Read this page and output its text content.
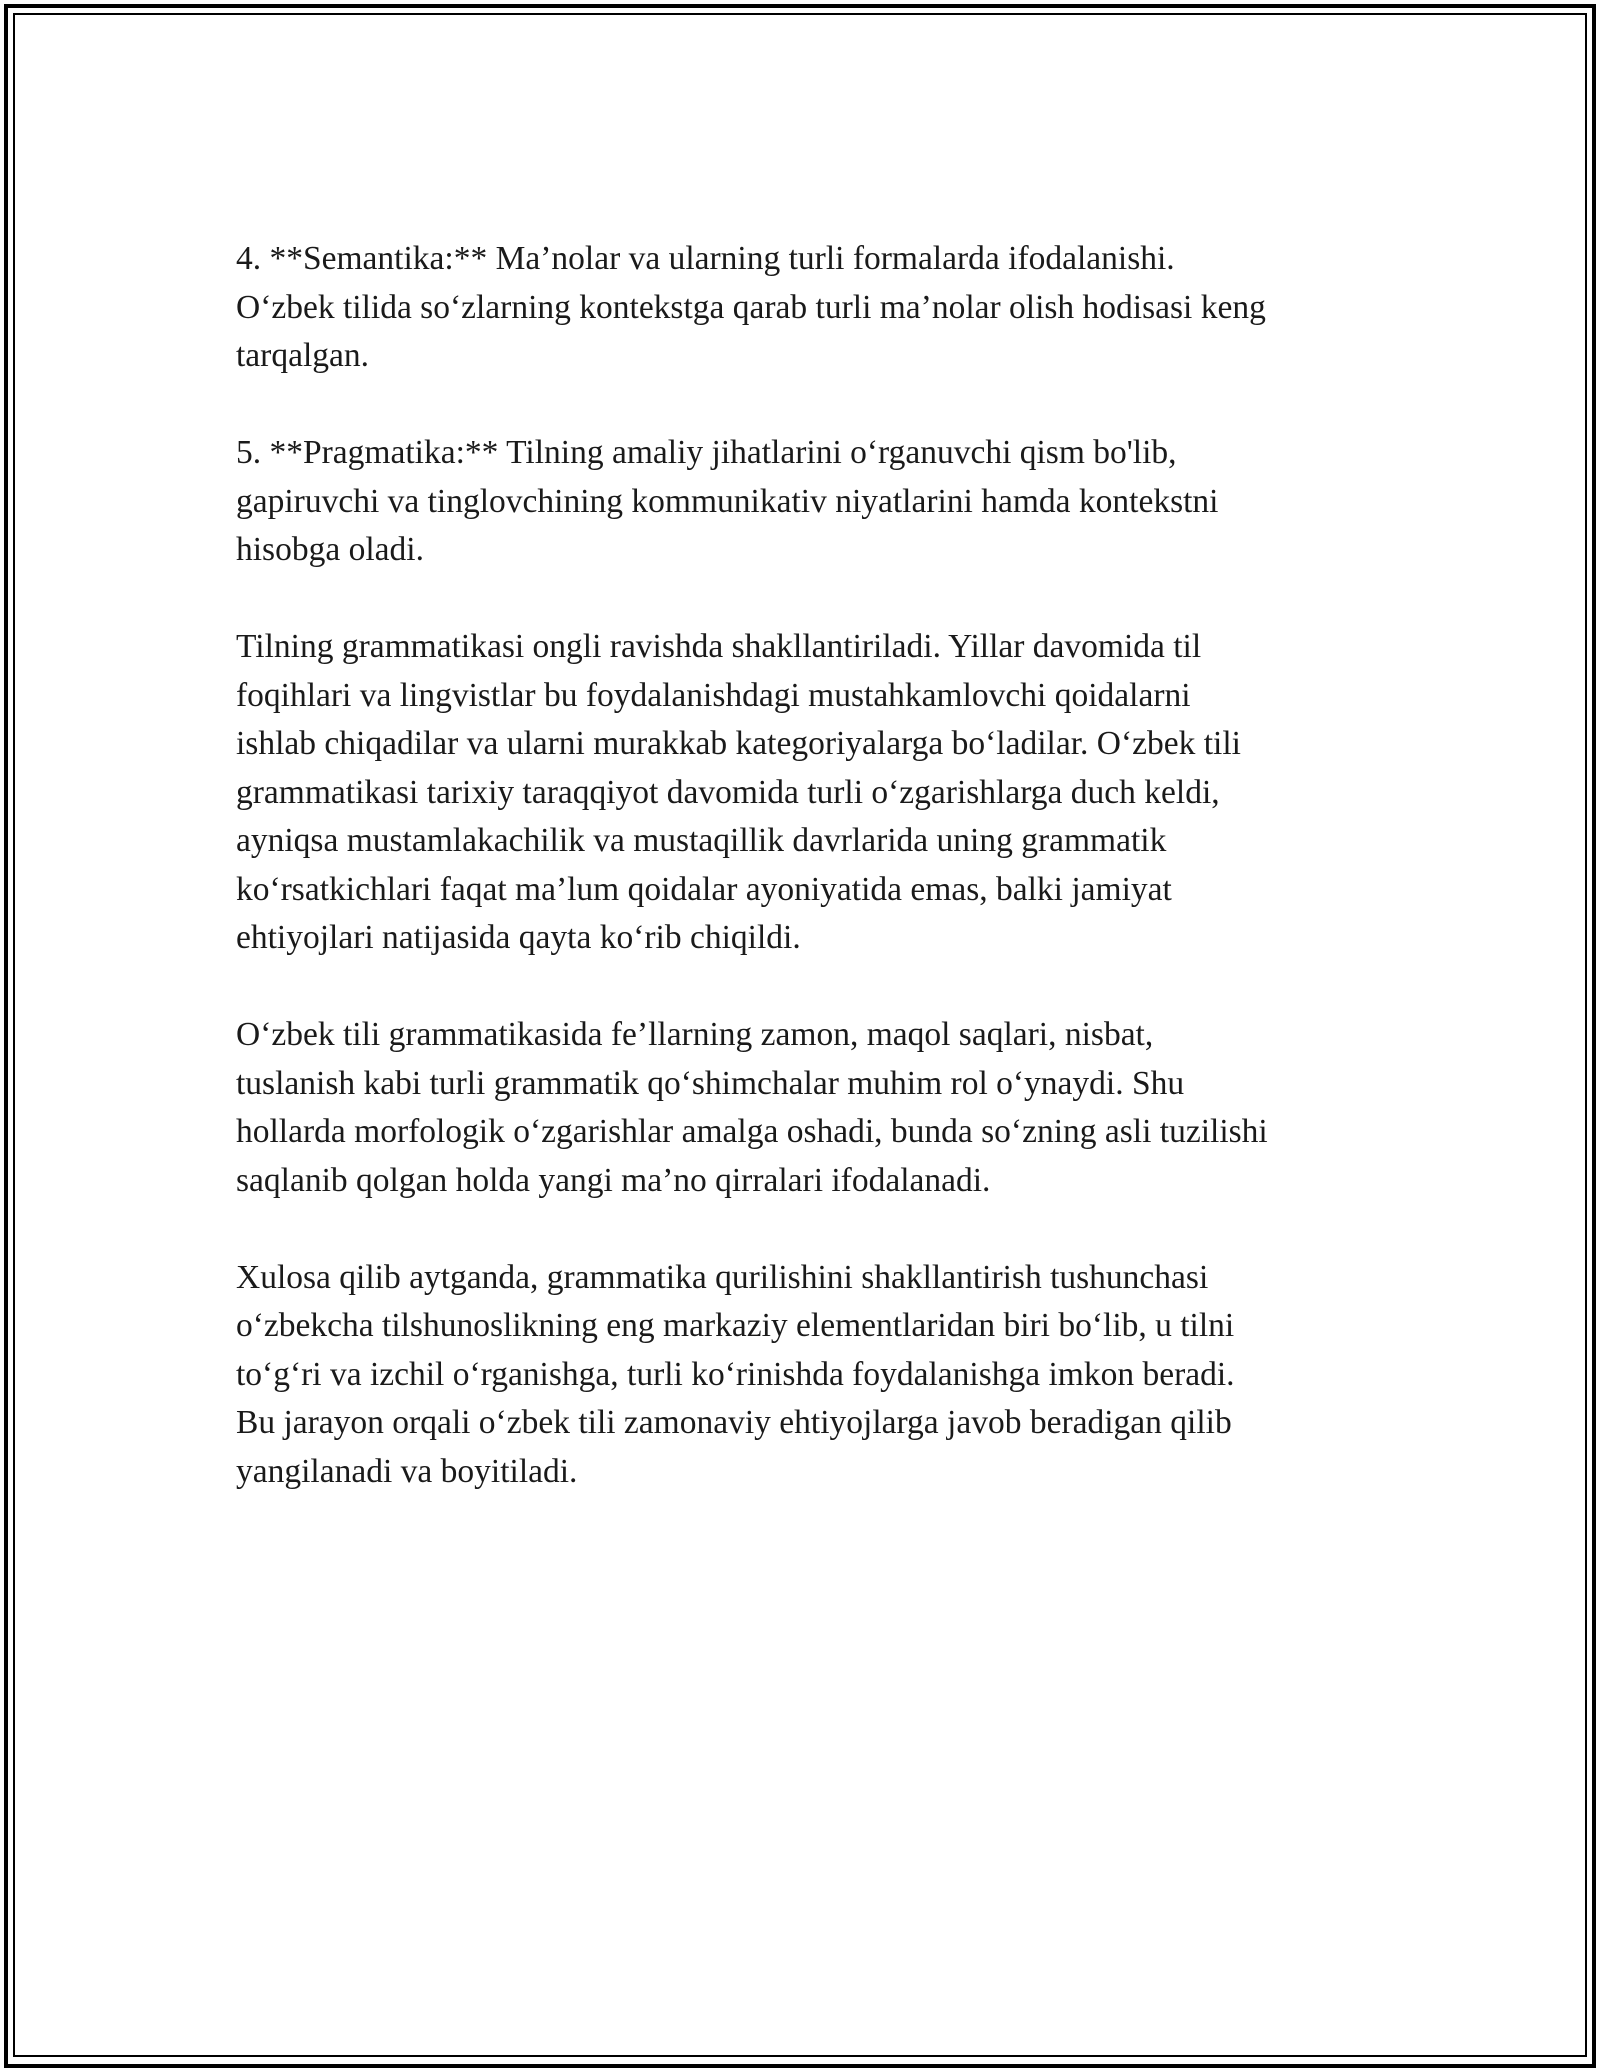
4. **Semantika:** Ma’nolar va ularning turli formalarda ifodalanishi.
O‘zbek tilida so‘zlarning kontekstga qarab turli ma’nolar olish hodisasi keng
tarqalgan.

5. **Pragmatika:** Tilning amaliy jihatlarini o‘rganuvchi qism bo'lib,
gapiruvchi va tinglovchining kommunikativ niyatlarini hamda kontekstni
hisobga oladi.

Tilning grammatikasi ongli ravishda shakllantiriladi. Yillar davomida til
foqihlari va lingvistlar bu foydalanishdagi mustahkamlovchi qoidalarni
ishlab chiqadilar va ularni murakkab kategoriyalarga bo‘ladilar. O‘zbek tili
grammatikasi tarixiy taraqqiyot davomida turli o‘zgarishlarga duch keldi,
ayniqsa mustamlakachilik va mustaqillik davrlarida uning grammatik
ko‘rsatkichlari faqat ma’lum qoidalar ayoniyatida emas, balki jamiyat
ehtiyojlari natijasida qayta ko‘rib chiqildi.

O‘zbek tili grammatikasida fe’llarning zamon, maqol saqlari, nisbat,
tuslanish kabi turli grammatik qo‘shimchalar muhim rol o‘ynaydi. Shu
hollarda morfologik o‘zgarishlar amalga oshadi, bunda so‘zning asli tuzilishi
saqlanib qolgan holda yangi ma’no qirralari ifodalanadi.

Xulosa qilib aytganda, grammatika qurilishini shakllantirish tushunchasi
o‘zbekcha tilshunoslikning eng markaziy elementlaridan biri bo‘lib, u tilni
to‘g‘ri va izchil o‘rganishga, turli ko‘rinishda foydalanishga imkon beradi.
Bu jarayon orqali o‘zbek tili zamonaviy ehtiyojlarga javob beradigan qilib
yangilanadi va boyitiladi.
